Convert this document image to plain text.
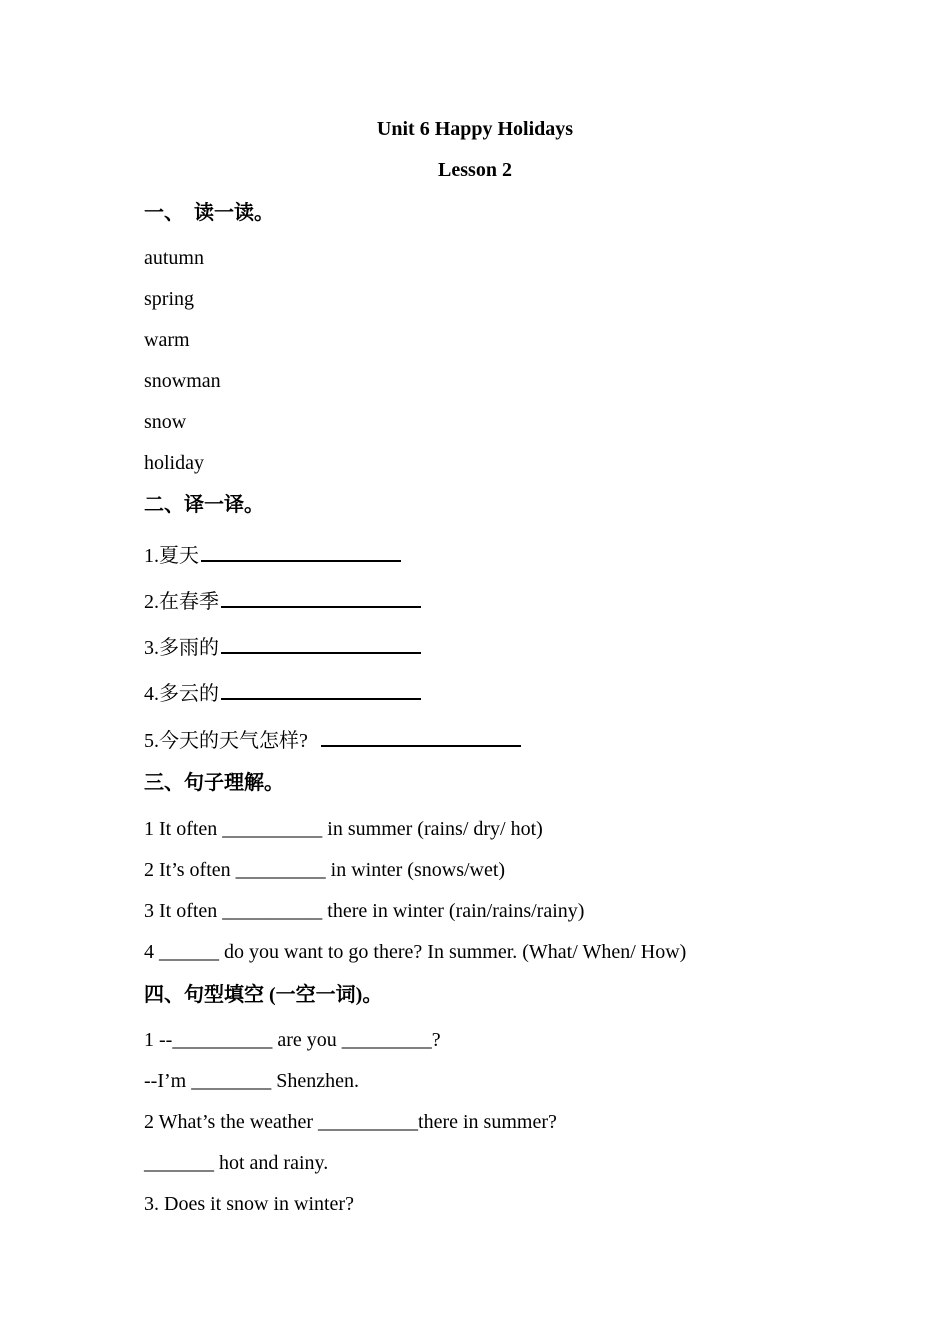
Unit 6 Happy Holidays
Lesson 2
一、  读一读。
autumn
spring
warm
snowman
snow
holiday
二、译一译。
1.夏天
2.在春季
3.多雨的
4.多云的
5.今天的天气怎样?
三、句子理解。
1 It often __________ in summer (rains/ dry/ hot)
2 It’s often _________ in winter (snows/wet)
3 It often __________ there in winter (rain/rains/rainy)
4 ______ do you want to go there? In summer. (What/ When/ How)
四、句型填空 (一空一词)。
1 --__________ are you _________?
--I’m ________ Shenzhen.
2 What’s the weather __________there in summer?
_______ hot and rainy.
3. Does it snow in winter?
